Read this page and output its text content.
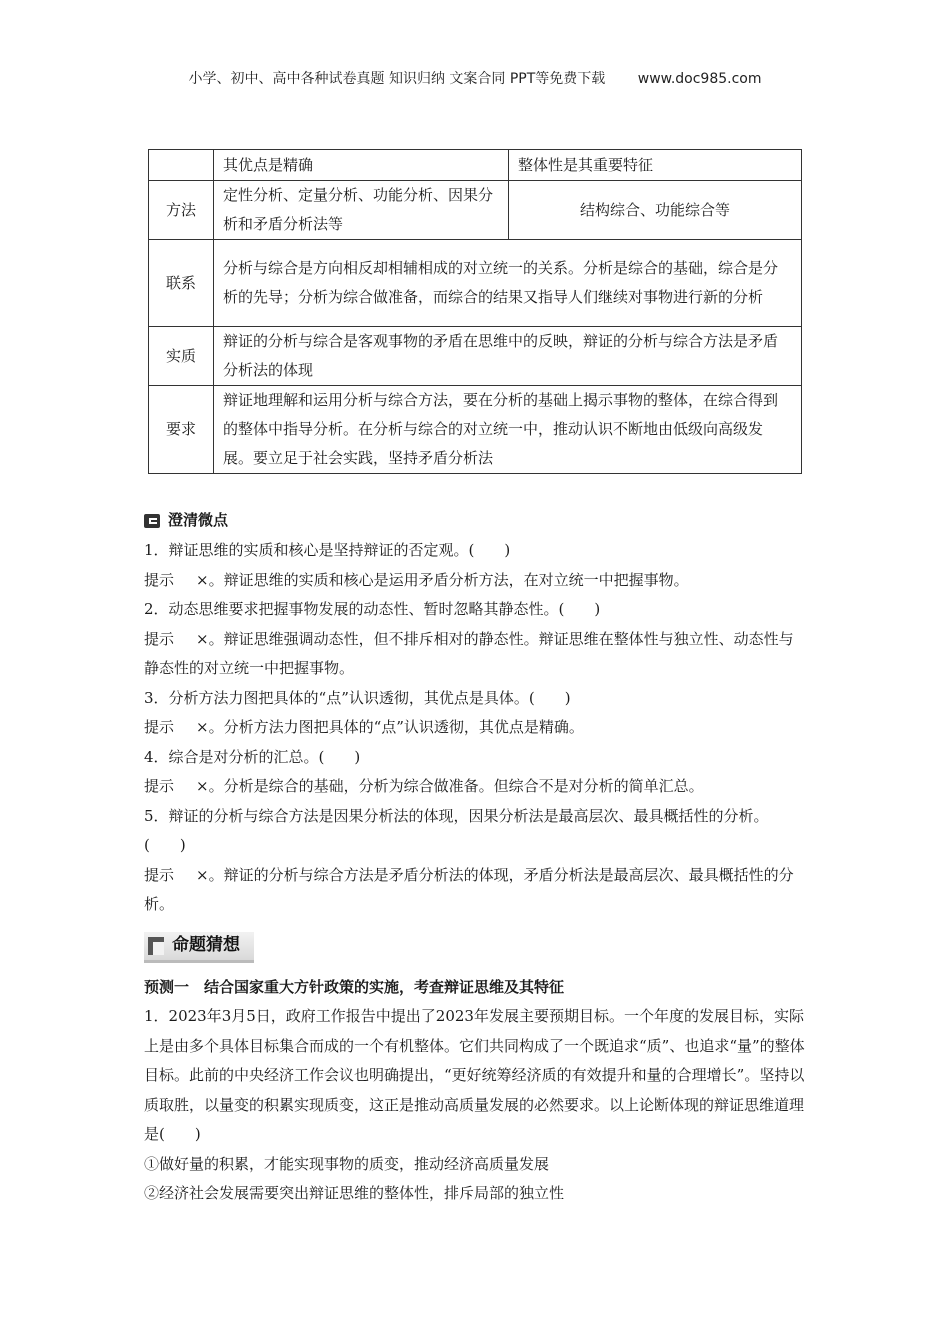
小学、初中、高中各种试卷真题 知识归纳 文案合同 PPT等免费下载 www.doc985.com
	其优点是精确	整体性是其重要特征
方法	定性分析、定量分析、功能分析、因果分析和矛盾分析法等	结构综合、功能综合等
联系	分析与综合是方向相反却相辅相成的对立统一的关系。分析是综合的基础，综合是分析的先导；分析为综合做准备，而综合的结果又指导人们继续对事物进行新的分析	
实质	辩证的分析与综合是客观事物的矛盾在思维中的反映，辩证的分析与综合方法是矛盾分析法的体现	
要求	辩证地理解和运用分析与综合方法，要在分析的基础上揭示事物的整体，在综合得到的整体中指导分析。在分析与综合的对立统一中，推动认识不断地由低级向高级发展。要立足于社会实践，坚持矛盾分析法	
澄清微点

1．辩证思维的实质和核心是坚持辩证的否定观。(　　)

提示 ×。辩证思维的实质和核心是运用矛盾分析方法，在对立统一中把握事物。

2．动态思维要求把握事物发展的动态性、暂时忽略其静态性。(　　)

提示 ×。辩证思维强调动态性，但不排斥相对的静态性。辩证思维在整体性与独立性、动态性与静态性的对立统一中把握事物。

3．分析方法力图把具体的“点”认识透彻，其优点是具体。(　　)

提示 ×。分析方法力图把具体的“点”认识透彻，其优点是精确。

4．综合是对分析的汇总。(　　)

提示 ×。分析是综合的基础，分析为综合做准备。但综合不是对分析的简单汇总。

5．辩证的分析与综合方法是因果分析法的体现，因果分析法是最高层次、最具概括性的分析。(　　)

提示 ×。辩证的分析与综合方法是矛盾分析法的体现，矛盾分析法是最高层次、最具概括性的分析。

命题猜想

预测一　结合国家重大方针政策的实施，考查辩证思维及其特征

1．2023年3月5日，政府工作报告中提出了2023年发展主要预期目标。一个年度的发展目标，实际上是由多个具体目标集合而成的一个有机整体。它们共同构成了一个既追求“质”、也追求“量”的整体目标。此前的中央经济工作会议也明确提出，“更好统筹经济质的有效提升和量的合理增长”。坚持以质取胜，以量变的积累实现质变，这正是推动高质量发展的必然要求。以上论断体现的辩证思维道理是(　　)

①做好量的积累，才能实现事物的质变，推动经济高质量发展

②经济社会发展需要突出辩证思维的整体性，排斥局部的独立性
